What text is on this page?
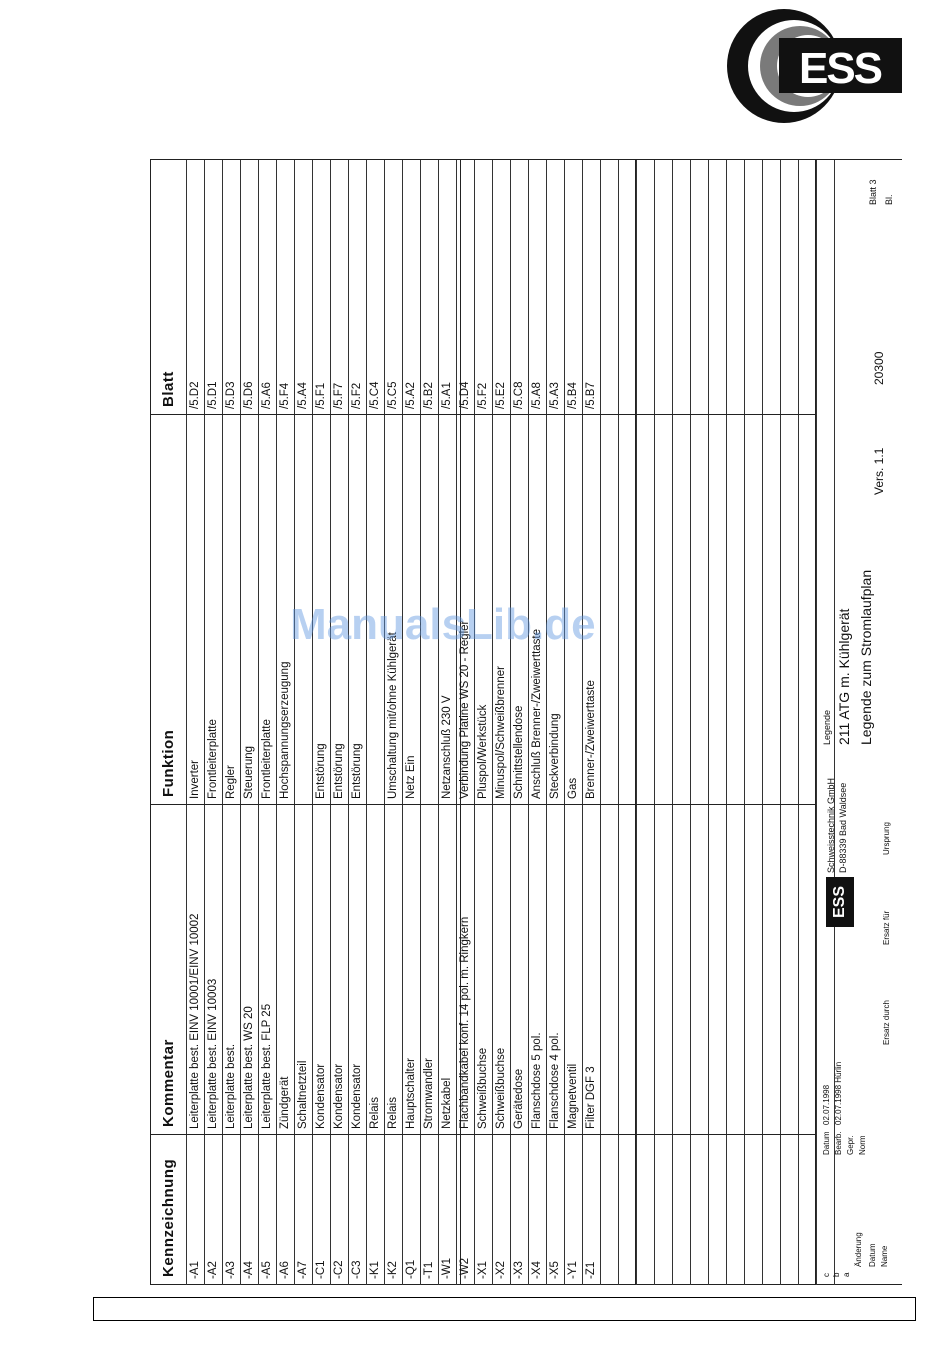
ESS
Kennzeichnung
Kommentar
Funktion
Blatt
-A1
Leiterplatte best. EINV 10001/EINV 10002
Inverter
/5.D2
-A2
Leiterplatte best. EINV 10003
Frontleiterplatte
/5.D1
-A3
Leiterplatte best.
Regler
/5.D3
-A4
Leiterplatte best. WS 20
Steuerung
/5.D6
-A5
Leiterplatte best. FLP 25
Frontleiterplatte
/5.A6
-A6
Zündgerät
Hochspannungserzeugung
/5.F4
-A7
Schaltnetzteil
/5.A4
-C1
Kondensator
Entstörung
/5.F1
-C2
Kondensator
Entstörung
/5.F7
-C3
Kondensator
Entstörung
/5.F2
-K1
Relais
/5.C4
-K2
Relais
Umschaltung mit/ohne Kühlgerät
/5.C5
-Q1
Hauptschalter
Netz Ein
/5.A2
-T1
Stromwandler
/5.B2
-W1
Netzkabel
Netzanschluß 230 V
/5.A1
-W2
Flachbandkabel konf. 14 pol. m. Ringkern
Verbindung Platine WS 20 - Regler
/5.D4
-X1
Schweißbuchse
Pluspol/Werkstück
/5.F2
-X2
Schweißbuchse
Minuspol/Schweißbrenner
/5.E2
-X3
Gerätedose
Schnittstellendose
/5.C8
-X4
Flanschdose 5 pol.
Anschluß Brenner-/Zweiwerttaste
/5.A8
-X5
Flanschdose 4 pol.
Steckverbindung
/5.A3
-Y1
Magnetventil
Gas
/5.B4
-Z1
Filter DGF 3
Brenner-/Zweiwerttaste
/5.B7
c b a
Änderung Datum Name
Datum
02.07.1998
Bearb.
02.07.1998 Hürlin
Gepr. Norm
Ersatz durch
Ersatz für
Ursprung
ESS
Schweisstechnik GmbH D-88339 Bad Waldsee
Legende 211 ATG m. Kühlgerät Legende zum Stromlaufplan
Vers. 1.1
20300
Blatt 3 Bl.
ManualsLib.de
